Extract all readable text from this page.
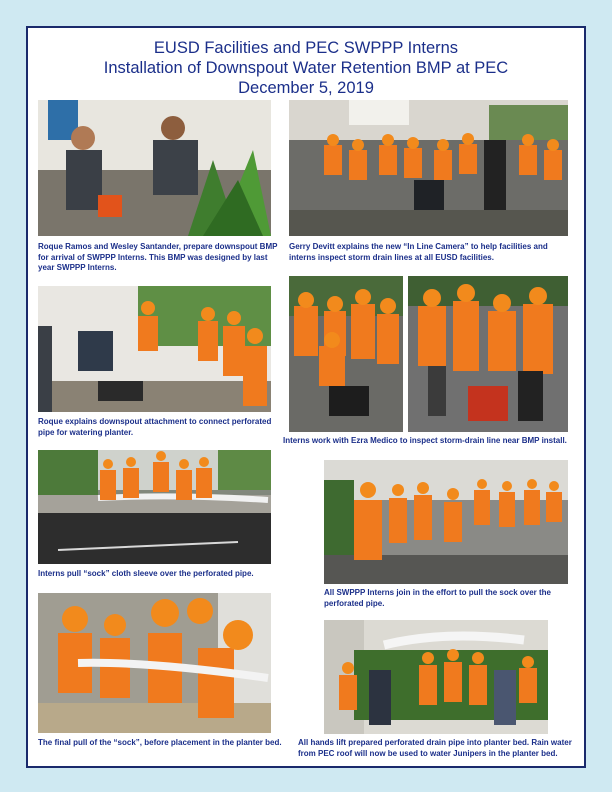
EUSD Facilities and PEC SWPPP Interns
Installation of Downspout Water Retention BMP at PEC
December 5, 2019
Roque Ramos and Wesley Santander, prepare downspout BMP for arrival of SWPPP Interns. This BMP was designed by last year SWPPP Interns.
Gerry Devitt explains the new “In Line Camera” to help facilities and interns inspect storm drain lines at all EUSD facilities.
Roque explains downspout attachment to connect perforated pipe for watering planter.
Interns work with Ezra Medico to inspect storm-drain line near BMP install.
Interns pull “sock” cloth sleeve over the perforated pipe.
All SWPPP Interns join in the effort to pull the sock over the perforated pipe.
The final pull of the “sock”, before placement in the planter bed. All hands lift prepared perforated drain pipe into planter bed. Rain water from PEC roof will now be used to water Junipers in the planter bed.
